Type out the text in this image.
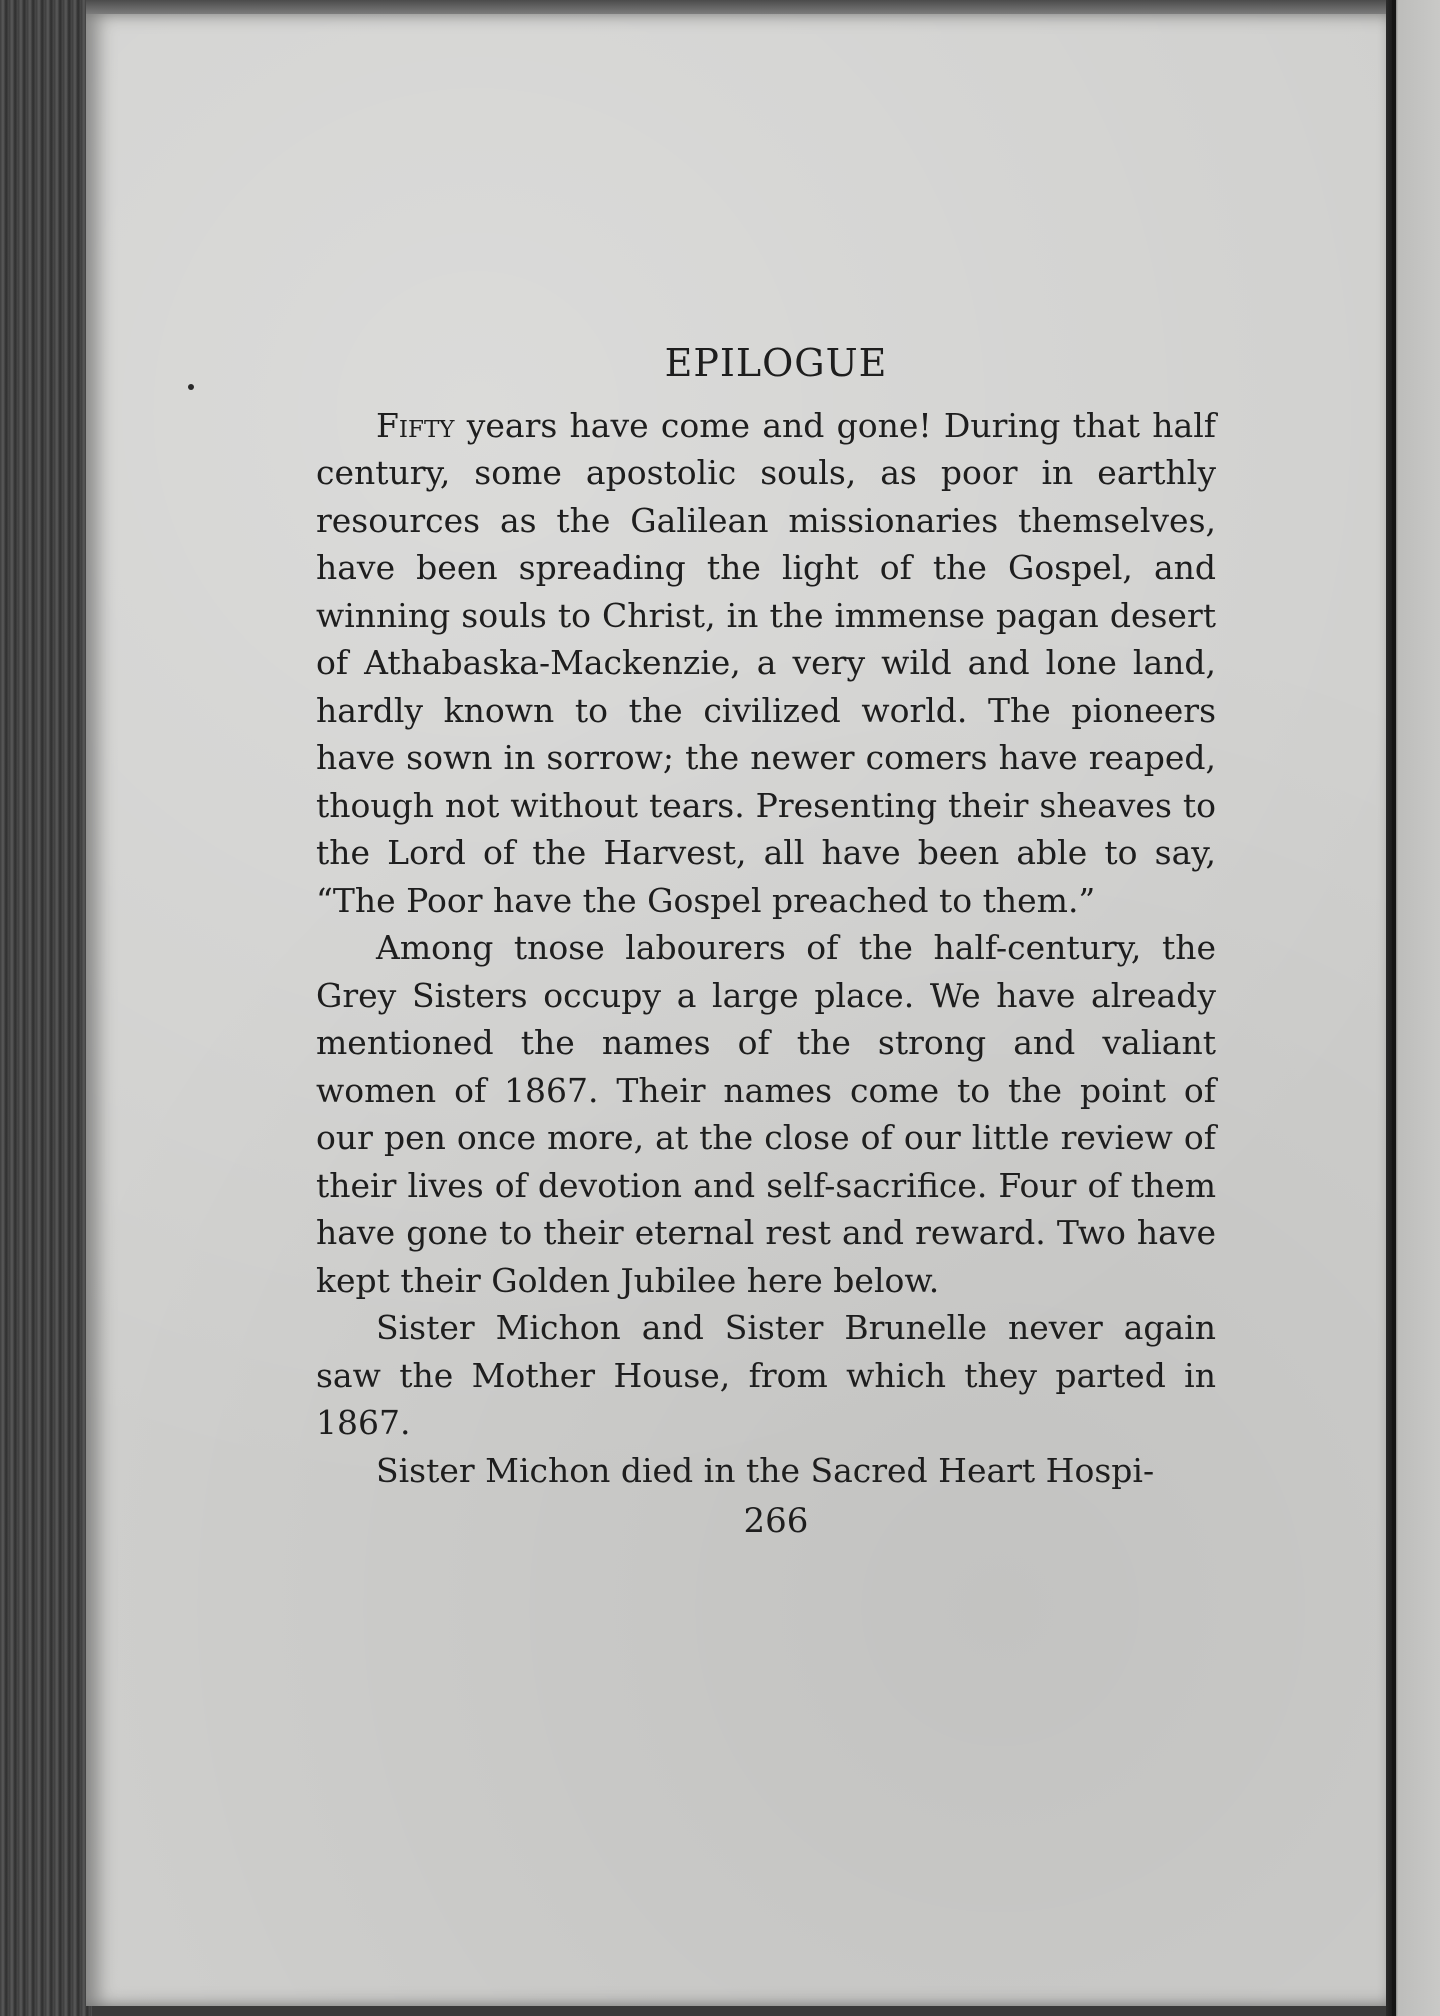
EPILOGUE

Fifty years have come and gone! During that half century, some apostolic souls, as poor in earthly resources as the Galilean missionaries themselves, have been spreading the light of the Gospel, and winning souls to Christ, in the immense pagan desert of Athabaska-Mackenzie, a very wild and lone land, hardly known to the civilized world. The pioneers have sown in sorrow; the newer comers have reaped, though not without tears. Presenting their sheaves to the Lord of the Harvest, all have been able to say, “The Poor have the Gospel preached to them.”

Among tnose labourers of the half-century, the Grey Sisters occupy a large place. We have already mentioned the names of the strong and valiant women of 1867. Their names come to the point of our pen once more, at the close of our little review of their lives of devotion and self-sacrifice. Four of them have gone to their eternal rest and reward. Two have kept their Golden Jubilee here below.

Sister Michon and Sister Brunelle never again saw the Mother House, from which they parted in 1867.

Sister Michon died in the Sacred Heart Hospi-

266
